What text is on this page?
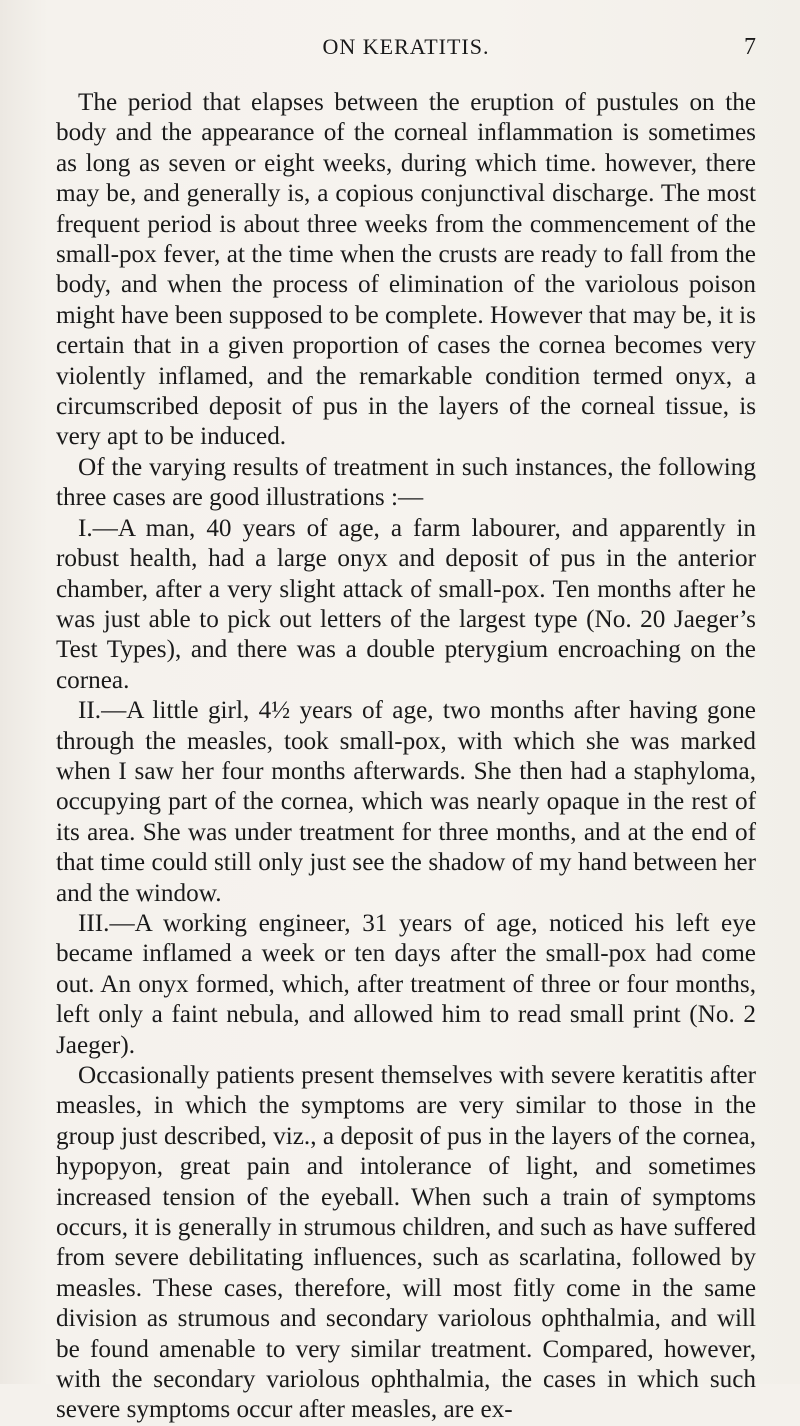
ON KERATITIS.	7

The period that elapses between the eruption of pustules on the body and the appearance of the corneal inflammation is sometimes as long as seven or eight weeks, during which time. however, there may be, and generally is, a copious conjunctival discharge. The most frequent period is about three weeks from the commencement of the small-pox fever, at the time when the crusts are ready to fall from the body, and when the process of elimination of the variolous poison might have been supposed to be complete. However that may be, it is certain that in a given proportion of cases the cornea becomes very violently inflamed, and the remarkable condition termed onyx, a circumscribed deposit of pus in the layers of the corneal tissue, is very apt to be induced.

Of the varying results of treatment in such instances, the following three cases are good illustrations :—

I.—A man, 40 years of age, a farm labourer, and apparently in robust health, had a large onyx and deposit of pus in the anterior chamber, after a very slight attack of small-pox. Ten months after he was just able to pick out letters of the largest type (No. 20 Jaeger’s Test Types), and there was a double pterygium encroaching on the cornea.

II.—A little girl, 4½ years of age, two months after having gone through the measles, took small-pox, with which she was marked when I saw her four months afterwards. She then had a staphyloma, occupying part of the cornea, which was nearly opaque in the rest of its area. She was under treatment for three months, and at the end of that time could still only just see the shadow of my hand between her and the window.

III.—A working engineer, 31 years of age, noticed his left eye became inflamed a week or ten days after the small-pox had come out. An onyx formed, which, after treatment of three or four months, left only a faint nebula, and allowed him to read small print (No. 2 Jaeger).

Occasionally patients present themselves with severe keratitis after measles, in which the symptoms are very similar to those in the group just described, viz., a deposit of pus in the layers of the cornea, hypopyon, great pain and intolerance of light, and sometimes increased tension of the eyeball. When such a train of symptoms occurs, it is generally in strumous children, and such as have suffered from severe debilitating influences, such as scarlatina, followed by measles. These cases, therefore, will most fitly come in the same division as strumous and secondary variolous ophthalmia, and will be found amenable to very similar treatment. Compared, however, with the secondary variolous ophthalmia, the cases in which such severe symptoms occur after measles, are ex-
